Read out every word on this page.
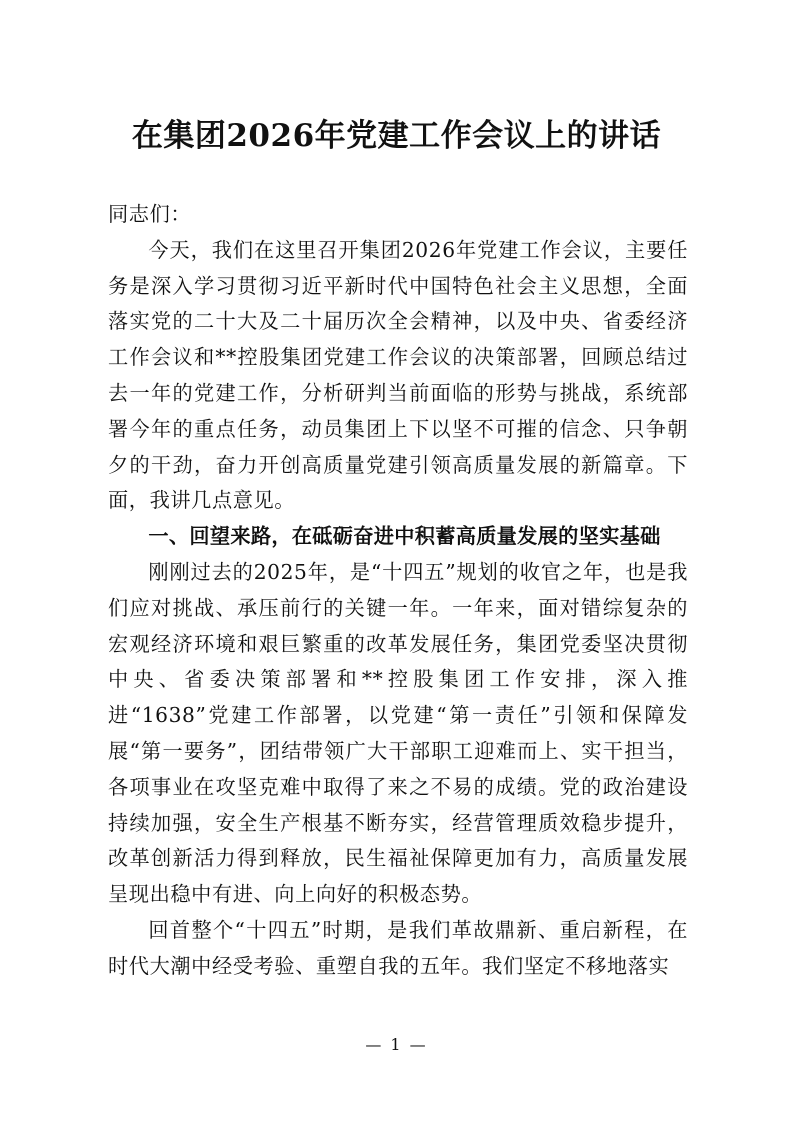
在集团2026年党建工作会议上的讲话

同志们：

今天，我们在这里召开集团2026年党建工作会议，主要任务是深入学习贯彻习近平新时代中国特色社会主义思想，全面落实党的二十大及二十届历次全会精神，以及中央、省委经济工作会议和**控股集团党建工作会议的决策部署，回顾总结过去一年的党建工作，分析研判当前面临的形势与挑战，系统部署今年的重点任务，动员集团上下以坚不可摧的信念、只争朝夕的干劲，奋力开创高质量党建引领高质量发展的新篇章。下面，我讲几点意见。

一、回望来路，在砥砺奋进中积蓄高质量发展的坚实基础

刚刚过去的2025年，是“十四五”规划的收官之年，也是我们应对挑战、承压前行的关键一年。一年来，面对错综复杂的宏观经济环境和艰巨繁重的改革发展任务，集团党委坚决贯彻中央、省委决策部署和**控股集团工作安排，深入推进“1638”党建工作部署，以党建“第一责任”引领和保障发展“第一要务”，团结带领广大干部职工迎难而上、实干担当，各项事业在攻坚克难中取得了来之不易的成绩。党的政治建设持续加强，安全生产根基不断夯实，经营管理质效稳步提升，改革创新活力得到释放，民生福祉保障更加有力，高质量发展呈现出稳中有进、向上向好的积极态势。

回首整个“十四五”时期，是我们革故鼎新、重启新程，在时代大潮中经受考验、重塑自我的五年。我们坚定不移地落实

— 1 —
